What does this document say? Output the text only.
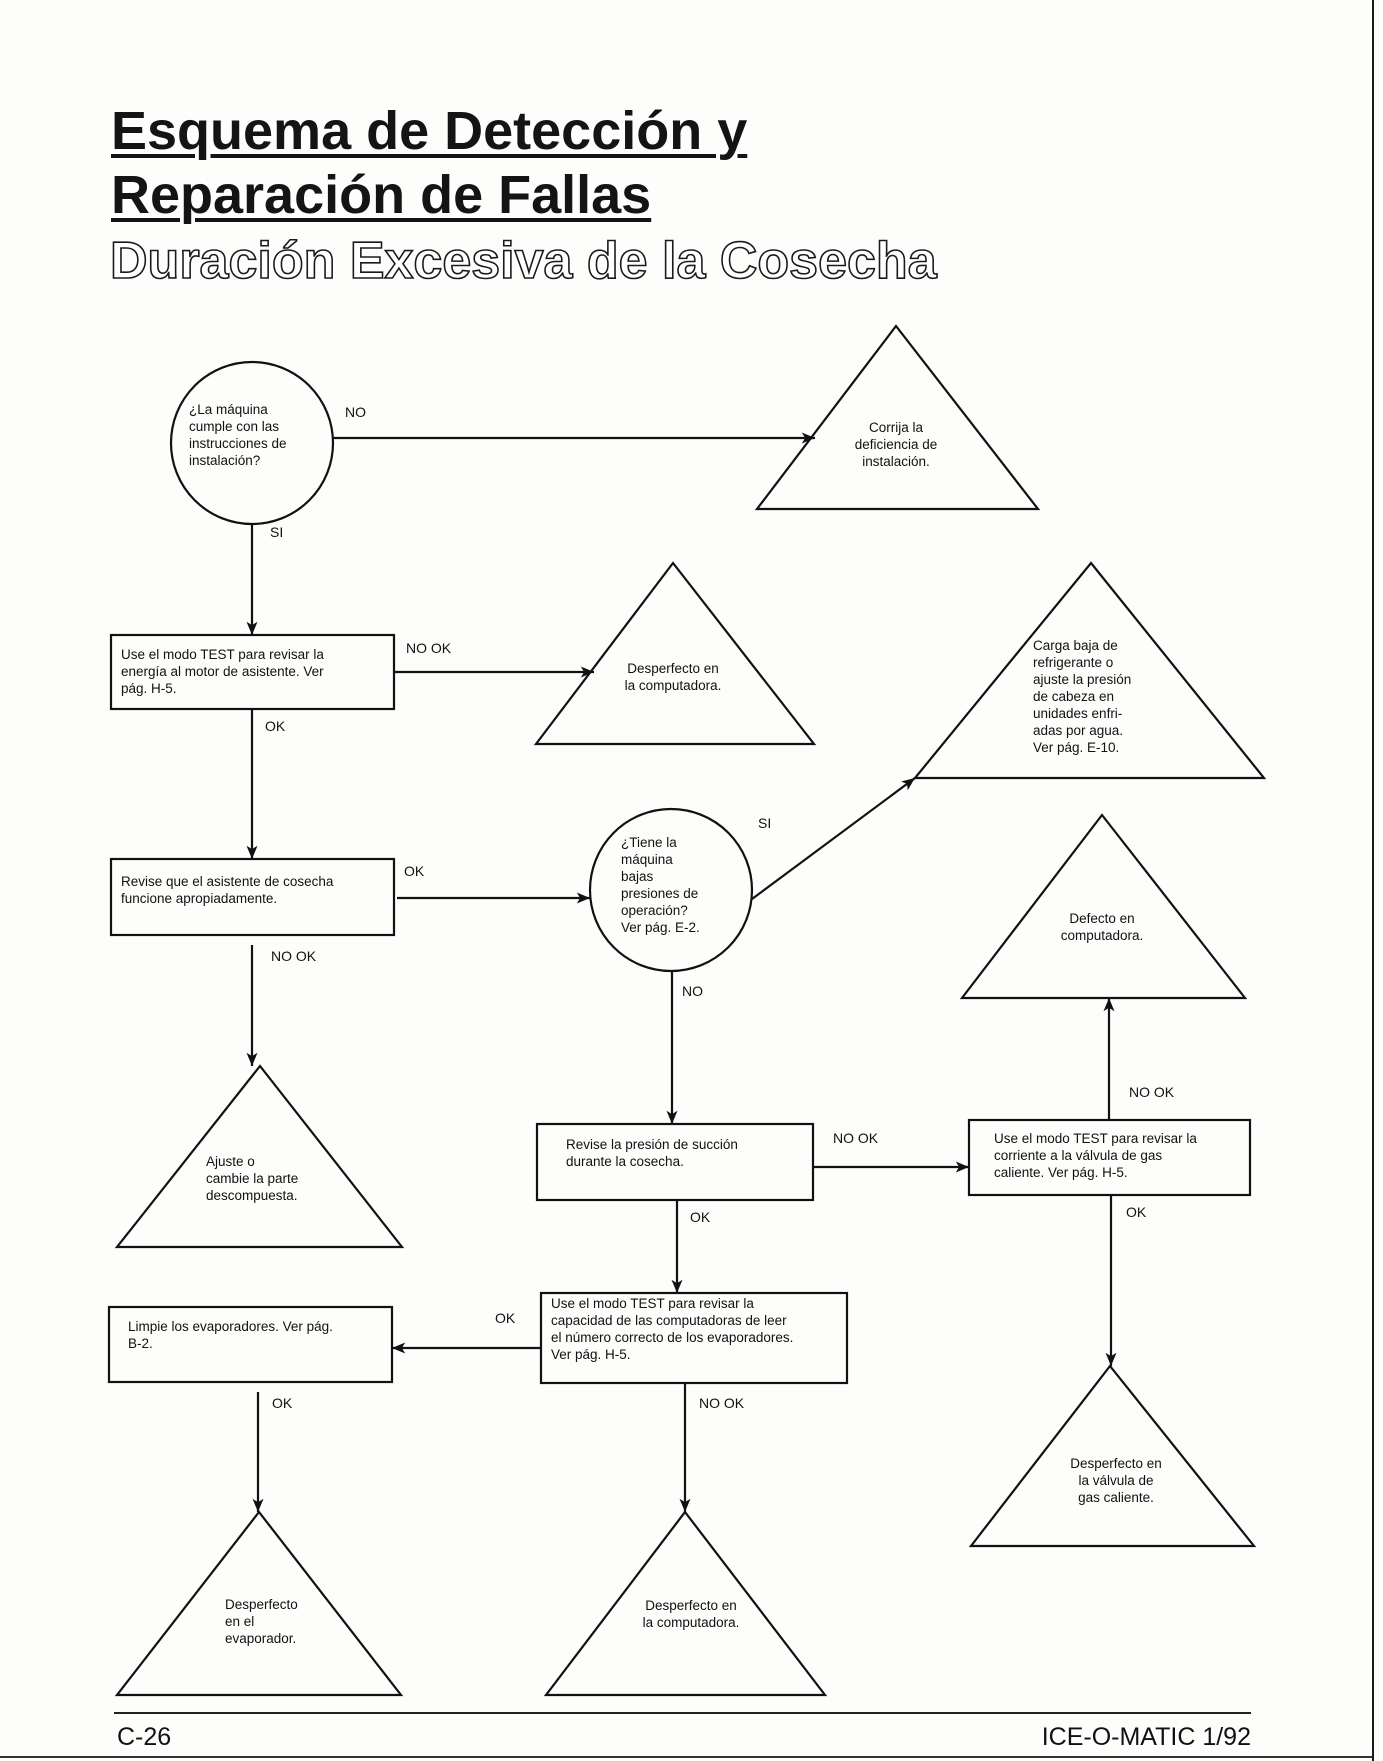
Esquema de Detección y
Reparación de Fallas
Duración Excesiva de la Cosecha
¿La máquina
cumple con las
instrucciones de
instalación?
Corrija la
deficiencia de
instalación.
Use el modo TEST para revisar la
energía al motor de asistente. Ver
pág. H-5.
Desperfecto en
la computadora.
Carga baja de
refrigerante o
ajuste la presión
de cabeza en
unidades enfri-
adas por agua.
Ver pág. E-10.
Revise que el asistente de cosecha
funcione apropiadamente.
¿Tiene la
máquina
bajas
presiones de
operación?
Ver pág. E-2.
Defecto en
computadora.
Ajuste o
cambie la parte
descompuesta.
Revise la presión de succión
durante la cosecha.
Use el modo TEST para revisar la
corriente a la válvula de gas
caliente. Ver pág. H-5.
Limpie los evaporadores. Ver pág.
B-2.
Use el modo TEST para revisar la
capacidad de las computadoras de leer
el número correcto de los evaporadores.
Ver pág. H-5.
Desperfecto en
la válvula de
gas caliente.
Desperfecto
en el
evaporador.
Desperfecto en
la computadora.
NO
SI
NO OK
OK
OK
SI
NO OK
NO
NO OK
NO OK
OK	OK
OK
OK	NO OK
C-26	ICE-O-MATIC 1/92
